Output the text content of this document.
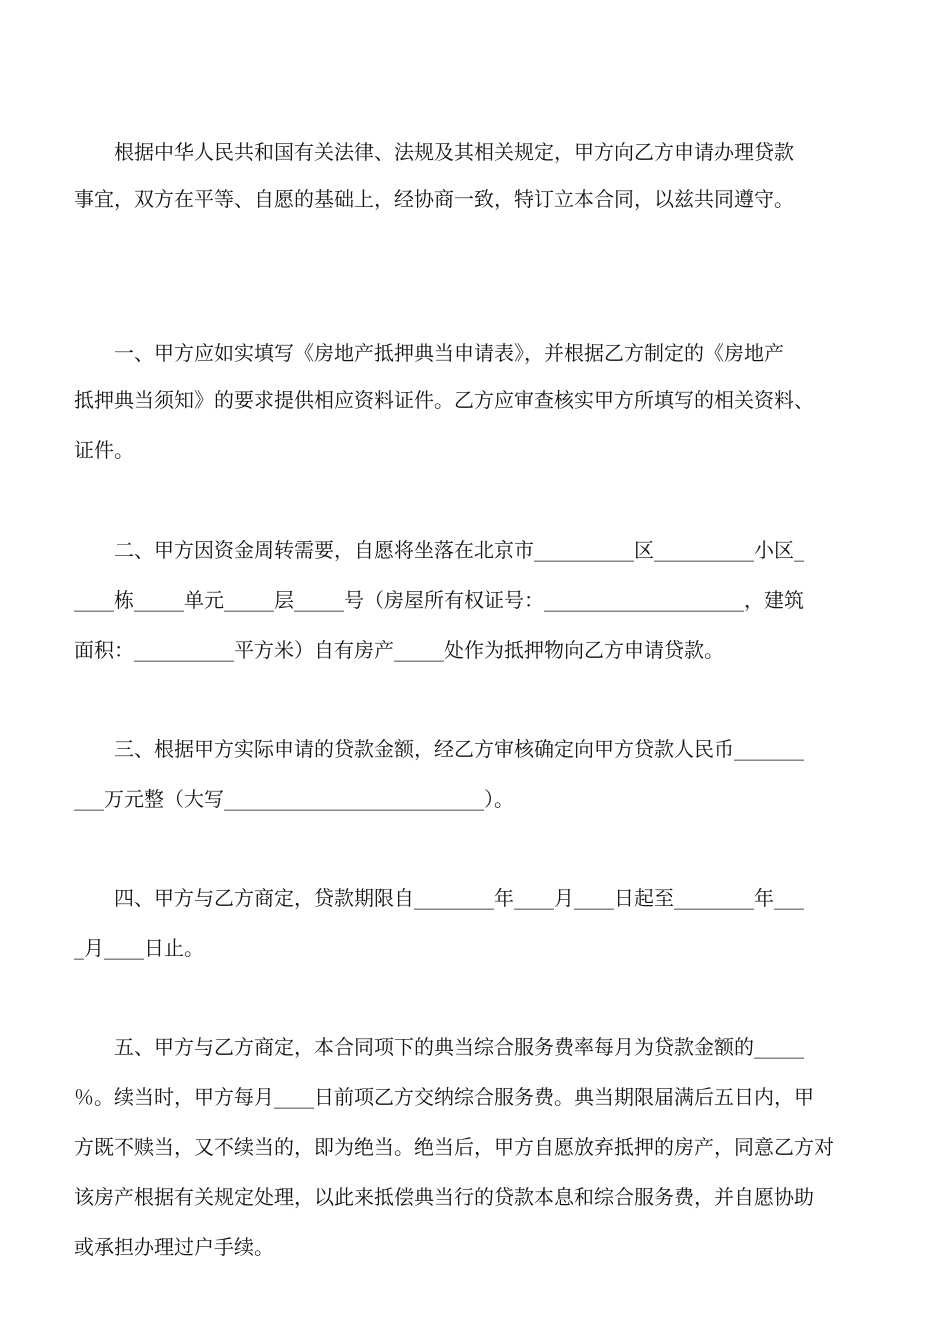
　　根据中华人民共和国有关法律、法规及其相关规定，甲方向乙方申请办理贷款
事宜，双方在平等、自愿的基础上，经协商一致，特订立本合同，以兹共同遵守。
　　一、甲方应如实填写《房地产抵押典当申请表》，并根据乙方制定的《房地产
抵押典当须知》的要求提供相应资料证件。乙方应审查核实甲方所填写的相关资料、
证件。
　　二、甲方因资金周转需要，自愿将坐落在北京市__________区__________小区_
____栋_____单元_____层_____号（房屋所有权证号：____________________，建筑
面积：__________平方米）自有房产_____处作为抵押物向乙方申请贷款。
　　三、根据甲方实际申请的贷款金额，经乙方审核确定向甲方贷款人民币_______
___万元整（大写__________________________）。
　　四、甲方与乙方商定，贷款期限自________年____月____日起至________年___
_月____日止。
　　五、甲方与乙方商定，本合同项下的典当综合服务费率每月为贷款金额的_____
％。续当时，甲方每月____日前项乙方交纳综合服务费。典当期限届满后五日内，甲
方既不赎当，又不续当的，即为绝当。绝当后，甲方自愿放弃抵押的房产，同意乙方对
该房产根据有关规定处理，以此来抵偿典当行的贷款本息和综合服务费，并自愿协助
或承担办理过户手续。
